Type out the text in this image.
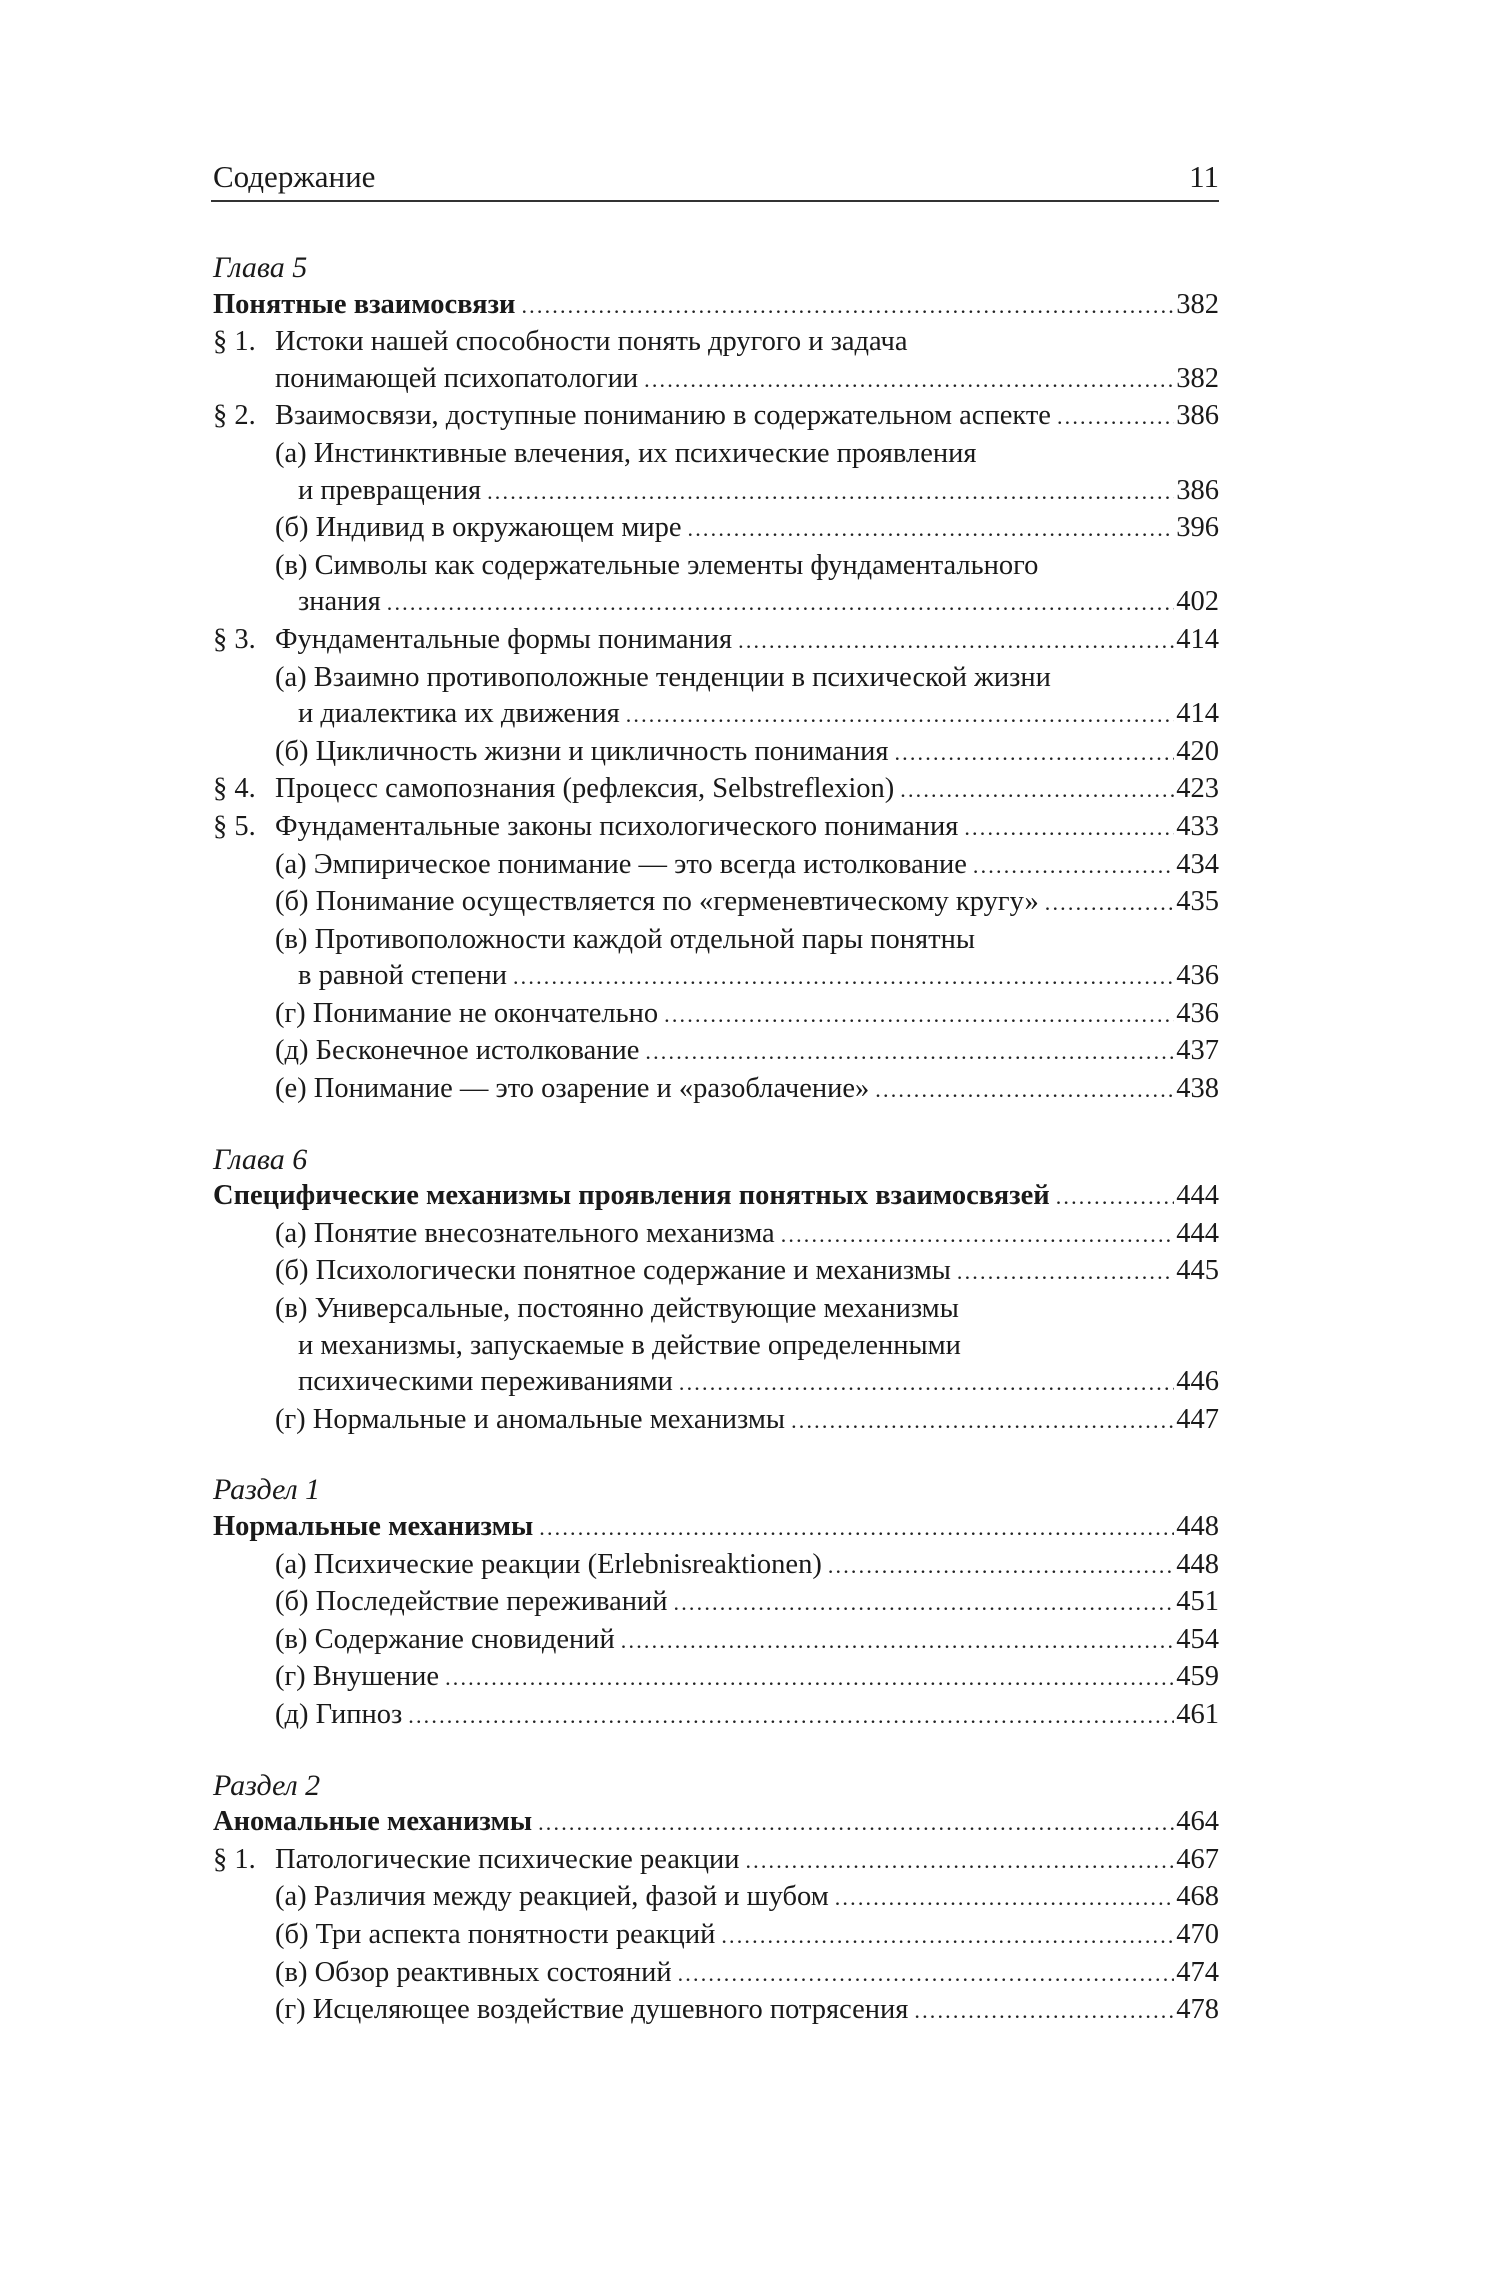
Содержание	11
Глава 5
Понятные взаимосвязи .....	382
§ 1. Истоки нашей способности понять другого и задача
понимающей психопатологии .....	382
§ 2. Взаимосвязи, доступные пониманию в содержательном аспекте .....	386
(а) Инстинктивные влечения, их психические проявления
и превращения .....	386
(б) Индивид в окружающем мире .....	396
(в) Символы как содержательные элементы фундаментального
знания .....	402
§ 3. Фундаментальные формы понимания .....	414
(а) Взаимно противоположные тенденции в психической жизни
и диалектика их движения .....	414
(б) Цикличность жизни и цикличность понимания .....	420
§ 4. Процесс самопознания (рефлексия, Selbstreflexion) .....	423
§ 5. Фундаментальные законы психологического понимания .....	433
(а) Эмпирическое понимание — это всегда истолкование .....	434
(б) Понимание осуществляется по «герменевтическому кругу» .....	435
(в) Противоположности каждой отдельной пары понятны
в равной степени .....	436
(г) Понимание не окончательно .....	436
(д) Бесконечное истолкование .....	437
(е) Понимание — это озарение и «разоблачение» .....	438
Глава 6
Специфические механизмы проявления понятных взаимосвязей .....	444
(а) Понятие внесознательного механизма .....	444
(б) Психологически понятное содержание и механизмы .....	445
(в) Универсальные, постоянно действующие механизмы
и механизмы, запускаемые в действие определенными
психическими переживаниями .....	446
(г) Нормальные и аномальные механизмы .....	447
Раздел 1
Нормальные механизмы .....	448
(а) Психические реакции (Erlebnisreaktionen) .....	448
(б) Последействие переживаний .....	451
(в) Содержание сновидений .....	454
(г) Внушение .....	459
(д) Гипноз .....	461
Раздел 2
Аномальные механизмы .....	464
§ 1. Патологические психические реакции .....	467
(а) Различия между реакцией, фазой и шубом .....	468
(б) Три аспекта понятности реакций .....	470
(в) Обзор реактивных состояний .....	474
(г) Исцеляющее воздействие душевного потрясения .....	478
